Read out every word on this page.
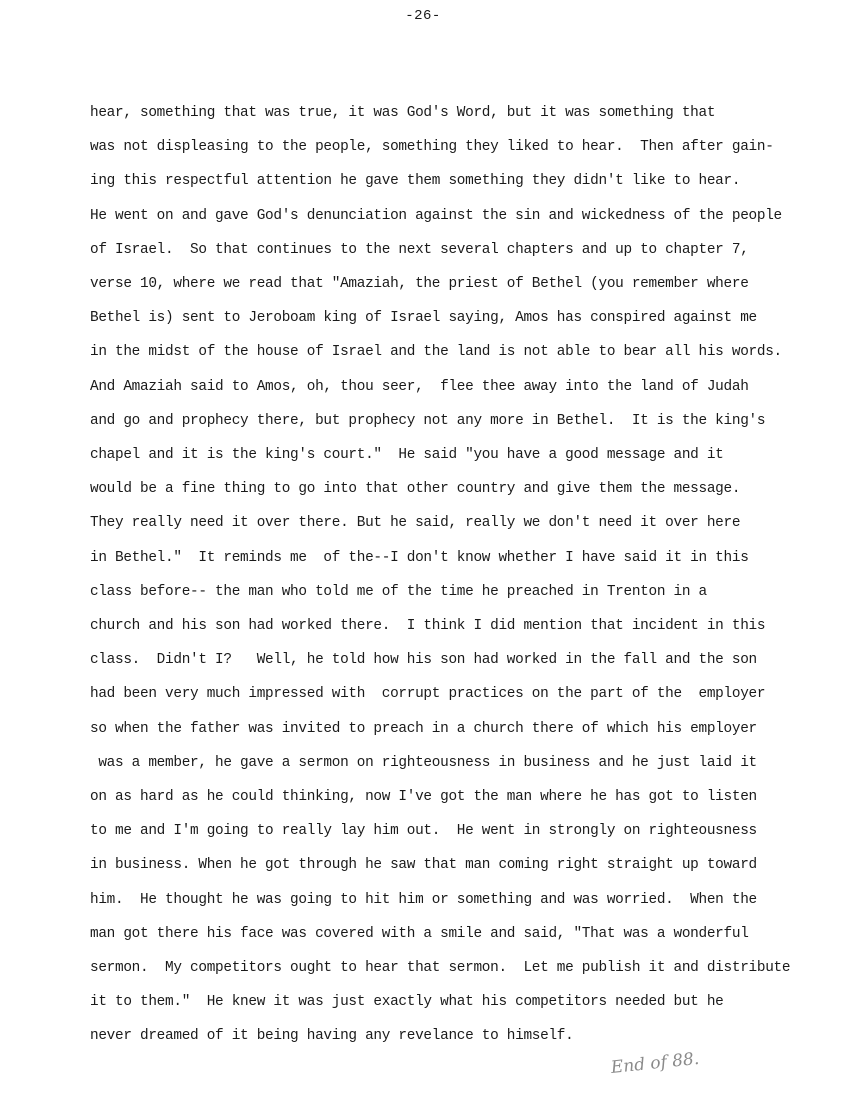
-26-
hear, something that was true, it was God's Word, but it was something that
was not displeasing to the people, something they liked to hear.  Then after gain-
ing this respectful attention he gave them something they didn't like to hear.
He went on and gave God's denunciation against the sin and wickedness of the people
of Israel.  So that continues to the next several chapters and up to chapter 7,
verse 10, where we read that "Amaziah, the priest of Bethel (you remember where
Bethel is) sent to Jeroboam king of Israel saying, Amos has conspired against me
in the midst of the house of Israel and the land is not able to bear all his words.
And Amaziah said to Amos, oh, thou seer,  flee thee away into the land of Judah
and go and prophecy there, but prophecy not any more in Bethel.  It is the king's
chapel and it is the king's court."  He said "you have a good message and it
would be a fine thing to go into that other country and give them the message.
They really need it over there. But he said, really we don't need it over here
in Bethel."  It reminds me  of the--I don't know whether I have said it in this
class before-- the man who told me of the time he preached in Trenton in a
church and his son had worked there.  I think I did mention that incident in this
class.  Didn't I?   Well, he told how his son had worked in the fall and the son
had been very much impressed with  corrupt practices on the part of the  employer
so when the father was invited to preach in a church there of which his employer
was a member, he gave a sermon on righteousness in business and he just laid it
on as hard as he could thinking, now I've got the man where he has got to listen
to me and I'm going to really lay him out.  He went in strongly on righteousness
in business. When he got through he saw that man coming right straight up toward
him.  He thought he was going to hit him or something and was worried.  When the
man got there his face was covered with a smile and said, "That was a wonderful
sermon.  My competitors ought to hear that sermon.  Let me publish it and distribute
it to them."  He knew it was just exactly what his competitors needed but he
never dreamed of it being having any revelance to himself.
End of 88.
